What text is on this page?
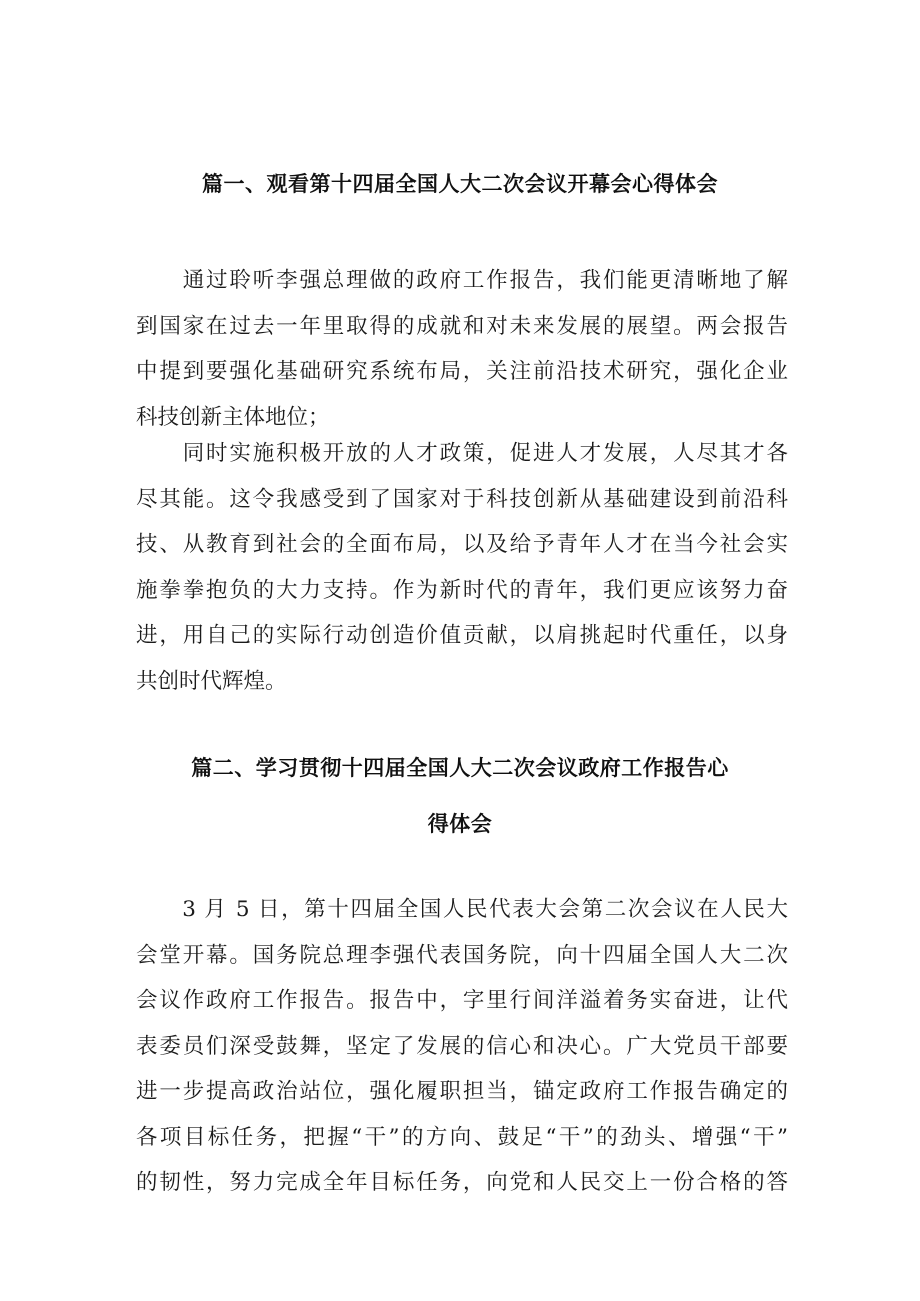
篇一、观看第十四届全国人大二次会议开幕会心得体会
　　通过聆听李强总理做的政府工作报告，我们能更清晰地了解
到国家在过去一年里取得的成就和对未来发展的展望。两会报告
中提到要强化基础研究系统布局，关注前沿技术研究，强化企业
科技创新主体地位；
　　同时实施积极开放的人才政策，促进人才发展，人尽其才各
尽其能。这令我感受到了国家对于科技创新从基础建设到前沿科
技、从教育到社会的全面布局，以及给予青年人才在当今社会实
施拳拳抱负的大力支持。作为新时代的青年，我们更应该努力奋
进，用自己的实际行动创造价值贡献，以肩挑起时代重任，以身
共创时代辉煌。
篇二、学习贯彻十四届全国人大二次会议政府工作报告心
得体会
　　3 月 5 日，第十四届全国人民代表大会第二次会议在人民大
会堂开幕。国务院总理李强代表国务院，向十四届全国人大二次
会议作政府工作报告。报告中，字里行间洋溢着务实奋进，让代
表委员们深受鼓舞，坚定了发展的信心和决心。广大党员干部要
进一步提高政治站位，强化履职担当，锚定政府工作报告确定的
各项目标任务，把握“干”的方向、鼓足“干”的劲头、增强“干”
的韧性，努力完成全年目标任务，向党和人民交上一份合格的答
